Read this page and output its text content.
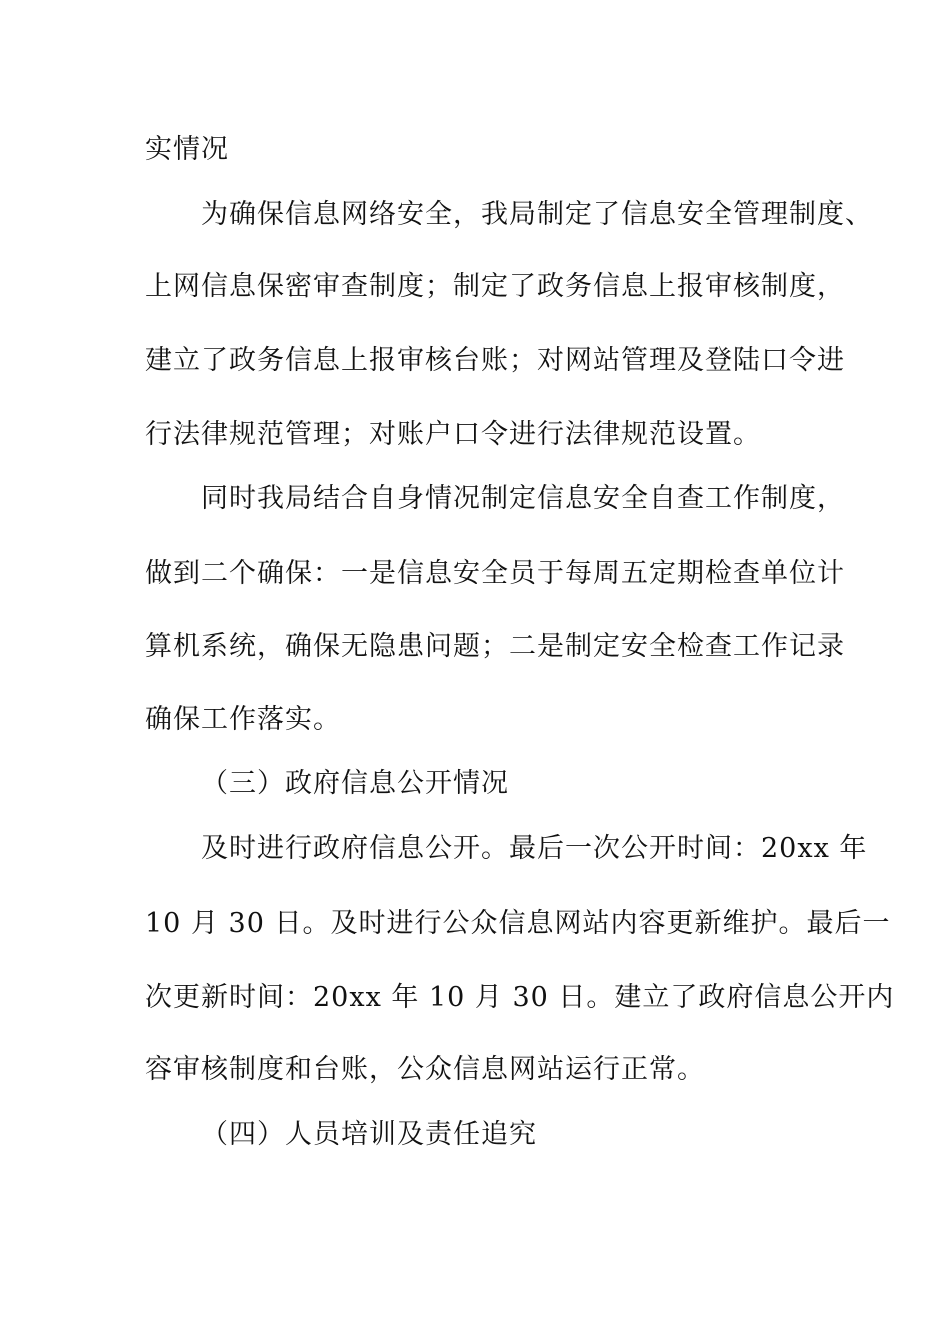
实情况
为确保信息网络安全，我局制定了信息安全管理制度、
上网信息保密审查制度；制定了政务信息上报审核制度，
建立了政务信息上报审核台账；对网站管理及登陆口令进
行法律规范管理；对账户口令进行法律规范设置。
同时我局结合自身情况制定信息安全自查工作制度，
做到二个确保：一是信息安全员于每周五定期检查单位计
算机系统，确保无隐患问题；二是制定安全检查工作记录
确保工作落实。
（三）政府信息公开情况
及时进行政府信息公开。最后一次公开时间：20xx 年
10 月 30 日。及时进行公众信息网站内容更新维护。最后一
次更新时间：20xx 年 10 月 30 日。建立了政府信息公开内
容审核制度和台账，公众信息网站运行正常。
（四）人员培训及责任追究
